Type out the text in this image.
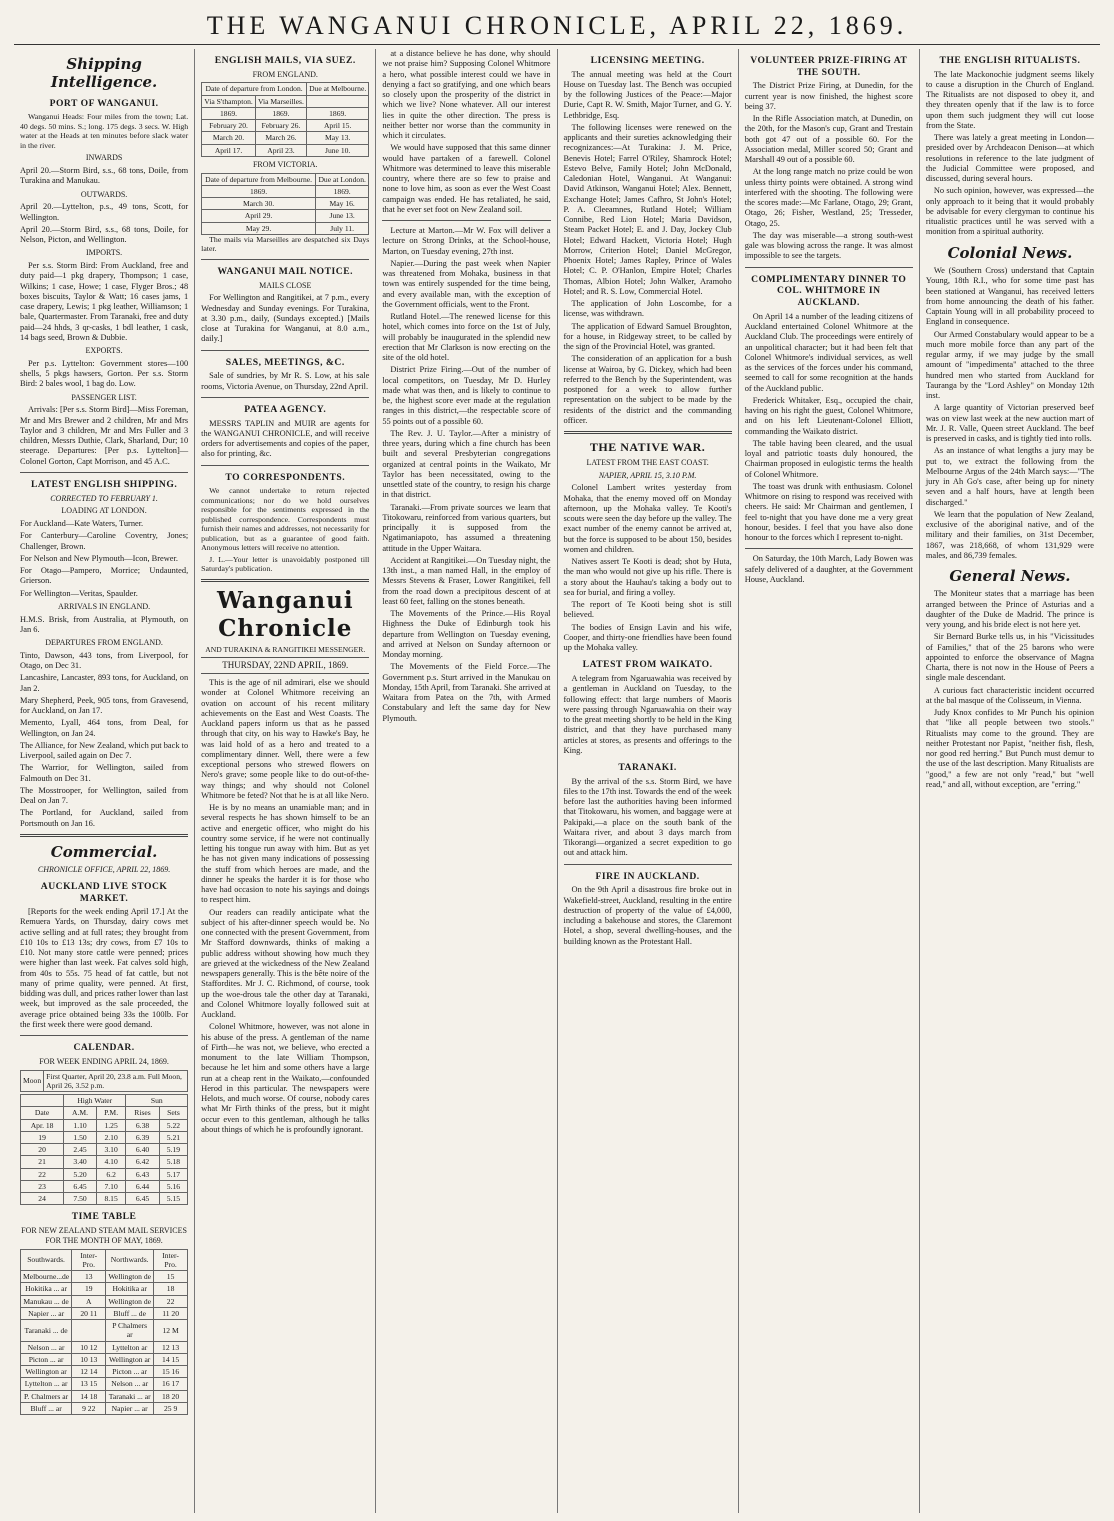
THE WANGANUI CHRONICLE, APRIL 22, 1869.
Shipping Intelligence.
PORT OF WANGANUI.

Wanganui Heads: Four miles from the town; Lat. 40 degs. 50 mins. S.; long. 175 degs. 3 secs. W. High water at the Heads at ten minutes before slack water in the river.

INWARDS
April 20.—Storm Bird, s.s., 68 tons, Doile, from Turakina and Manukau.
OUTWARDS.
April 20.—Lyttelton, p.s., 49 tons, Scott, for Wellington.
April 20.—Storm Bird, s.s., 68 tons, Doile, for Nelson, Picton, and Wellington.
IMPORTS.

Per s.s. Storm Bird: From Auckland, free and duty paid—1 pkg drapery, Thompson; 1 case, Wilkins; 1 case, Howe; 1 case, Flyger Bros.; 48 boxes biscuits, Taylor & Watt; 16 cases jams, 1 case drapery, Lewis; 1 pkg leather, Williamson; 1 bale, Quartermaster. From Taranaki, free and duty paid—24 hhds, 3 qr-casks, 1 bdl leather, 1 cask, 14 bags seed, Brown & Dubbie.

EXPORTS.

Per p.s. Lyttelton: Government stores—100 shells, 5 pkgs hawsers, Gorton. Per s.s. Storm Bird: 2 bales wool, 1 bag do. Low.

PASSENGER LIST.

Arrivals: [Per s.s. Storm Bird]—Miss Foreman, Mr and Mrs Brewer and 2 children, Mr and Mrs Taylor and 3 children, Mr and Mrs Fuller and 3 children, Messrs Duthie, Clark, Sharland, Dur; 10 steerage. Departures: [Per p.s. Lyttelton]—Colonel Gorton, Capt Morrison, and 45 A.C.

LATEST ENGLISH SHIPPING.
CORRECTED TO FEBRUARY 1.
LOADING AT LONDON.
For Auckland—Kate Waters, Turner.
For Canterbury—Caroline Coventry, Jones; Challenger, Brown.
For Nelson and New Plymouth—Icon, Brewer.
For Otago—Pampero, Morrice; Undaunted, Grierson.
For Wellington—Veritas, Spaulder.
ARRIVALS IN ENGLAND.
H.M.S. Brisk, from Australia, at Plymouth, on Jan 6.
DEPARTURES FROM ENGLAND.
Tinto, Dawson, 443 tons, from Liverpool, for Otago, on Dec 31.
Lancashire, Lancaster, 893 tons, for Auckland, on Jan 2.
Mary Shepherd, Peek, 905 tons, from Gravesend, for Auckland, on Jan 17.
Memento, Lyall, 464 tons, from Deal, for Wellington, on Jan 24.
The Alliance, for New Zealand, which put back to Liverpool, sailed again on Dec 7.
The Warrior, for Wellington, sailed from Falmouth on Dec 31.
The Mosstrooper, for Wellington, sailed from Deal on Jan 7.
The Portland, for Auckland, sailed from Portsmouth on Jan 16.
Commercial.
CHRONICLE OFFICE, APRIL 22, 1869.
AUCKLAND LIVE STOCK MARKET.

[Reports for the week ending April 17.] At the Remuera Yards, on Thursday, dairy cows met active selling and at full rates; they brought from £10 10s to £13 13s; dry cows, from £7 10s to £10. Not many store cattle were penned; prices were higher than last week. Fat calves sold high, from 40s to 55s. 75 head of fat cattle, but not many of prime quality, were penned. At first, bidding was dull, and prices rather lower than last week, but improved as the sale proceeded, the average price obtained being 33s the 100lb. For the first week there were good demand.

CALENDAR.
FOR WEEK ENDING APRIL 24, 1869.
Moon	First Quarter, April 20, 23.8 a.m. Full Moon, April 26, 3.52 p.m.
	High Water		Sun	
Date	A.M.	P.M.	Rises	Sets
Apr. 18	1.10	1.25	6.38	5.22
19	1.50	2.10	6.39	5.21
20	2.45	3.10	6.40	5.19
21	3.40	4.10	6.42	5.18
22	5.20	6.2	6.43	5.17
23	6.45	7.10	6.44	5.16
24	7.50	8.15	6.45	5.15
TIME TABLE
FOR NEW ZEALAND STEAM MAIL SERVICES FOR THE MONTH OF MAY, 1869.
Southwards.	Inter-Pro.	Northwards.	Inter-Pro.
Melbourne...de	13	Wellington de	15
Hokitika ... ar	19	Hokitika ar	18
Manukau ... de	A	Wellington de	22
Napier ... ar	20 11	Bluff ... de	11 20
Taranaki ... de		P Chalmers ar	12 M
Nelson ... ar	10 12	Lyttelton ar	12 13
Picton ... ar	10 13	Wellington ar	14 15
Wellington ar	12 14	Picton ... ar	15 16
Lyttelton ... ar	13 15	Nelson ... ar	16 17
P. Chalmers ar	14 18	Taranaki ... ar	18 20
Bluff ... ar	9 22	Napier ... ar	25 9
ENGLISH MAILS, VIA SUEZ.
FROM ENGLAND.
Date of departure from London.		Due at Melbourne.
Via S'thampton.	Via Marseilles.	
1869.	1869.	1869.
February 20.	February 26.	April 15.
March 20.	March 26.	May 13.
April 17.	April 23.	June 10.
FROM VICTORIA.
Date of departure from Melbourne.	Due at London.
1869.	1869.
March 30.	May 16.
April 29.	June 13.
May 29.	July 11.

The mails via Marseilles are despatched six Days later.

WANGANUI MAIL NOTICE.
MAILS CLOSE

For Wellington and Rangitikei, at 7 p.m., every Wednesday and Sunday evenings. For Turakina, at 3.30 p.m., daily, (Sundays excepted.) [Mails close at Turakina for Wanganui, at 8.0 a.m., daily.]

SALES, MEETINGS, &C.

Sale of sundries, by Mr R. S. Low, at his sale rooms, Victoria Avenue, on Thursday, 22nd April.

PATEA AGENCY.

MESSRS TAPLIN and MUIR are agents for the WANGANUI CHRONICLE, and will receive orders for advertisements and copies of the paper, also for printing, &c.

TO CORRESPONDENTS.

We cannot undertake to return rejected communications; nor do we hold ourselves responsible for the sentiments expressed in the published correspondence. Correspondents must furnish their names and addresses, not necessarily for publication, but as a guarantee of good faith. Anonymous letters will receive no attention.

J. L.—Your letter is unavoidably postponed till Saturday's publication.

Wanganui Chronicle
AND TURAKINA & RANGITIKEI MESSENGER.
THURSDAY, 22ND APRIL, 1869.

This is the age of nil admirari, else we should wonder at Colonel Whitmore receiving an ovation on account of his recent military achievements on the East and West Coasts. The Auckland papers inform us that as he passed through that city, on his way to Hawke's Bay, he was laid hold of as a hero and treated to a complimentary dinner. Well, there were a few exceptional persons who strewed flowers on Nero's grave; some people like to do out-of-the-way things; and why should not Colonel Whitmore be feted? Not that he is at all like Nero.

He is by no means an unamiable man; and in several respects he has shown himself to be an active and energetic officer, who might do his country some service, if he were not continually letting his tongue run away with him. But as yet he has not given many indications of possessing the stuff from which heroes are made, and the dinner he speaks the harder it is for those who have had occasion to note his sayings and doings to respect him.

Our readers can readily anticipate what the subject of his after-dinner speech would be. No one connected with the present Government, from Mr Stafford downwards, thinks of making a public address without showing how much they are grieved at the wickedness of the New Zealand newspapers generally. This is the bête noire of the Staffordites. Mr J. C. Richmond, of course, took up the woe-drous tale the other day at Taranaki, and Colonel Whitmore loyally followed suit at Auckland.

Colonel Whitmore, however, was not alone in his abuse of the press. A gentleman of the name of Firth—he was not, we believe, who erected a monument to the late William Thompson, because he let him and some others have a large run at a cheap rent in the Waikato,—confounded Herod in this particular. The newspapers were Helots, and much worse. Of course, nobody cares what Mr Firth thinks of the press, but it might occur even to this gentleman, although he talks about things of which he is profoundly ignorant.

at a distance believe he has done, why should we not praise him? Supposing Colonel Whitmore a hero, what possible interest could we have in denying a fact so gratifying, and one which bears so closely upon the prosperity of the district in which we live? None whatever. All our interest lies in quite the other direction. The press is neither better nor worse than the community in which it circulates.

We would have supposed that this same dinner would have partaken of a farewell. Colonel Whitmore was determined to leave this miserable country, where there are so few to praise and none to love him, as soon as ever the West Coast campaign was ended. He has retaliated, he said, that he ever set foot on New Zealand soil.

Lecture at Marton.—Mr W. Fox will deliver a lecture on Strong Drinks, at the School-house, Marton, on Tuesday evening, 27th inst.

Napier.—During the past week when Napier was threatened from Mohaka, business in that town was entirely suspended for the time being, and every available man, with the exception of the Government officials, went to the Front.

Rutland Hotel.—The renewed license for this hotel, which comes into force on the 1st of July, will probably be inaugurated in the splendid new erection that Mr Clarkson is now erecting on the site of the old hotel.

District Prize Firing.—Out of the number of local competitors, on Tuesday, Mr D. Hurley made what was then, and is likely to continue to be, the highest score ever made at the regulation ranges in this district,—the respectable score of 55 points out of a possible 60.

The Rev. J. U. Taylor.—After a ministry of three years, during which a fine church has been built and several Presbyterian congregations organized at central points in the Waikato, Mr Taylor has been necessitated, owing to the unsettled state of the country, to resign his charge in that district.

Taranaki.—From private sources we learn that Titokowaru, reinforced from various quarters, but principally it is supposed from the Ngatimaniapoto, has assumed a threatening attitude in the Upper Waitara.

Accident at Rangitikei.—On Tuesday night, the 13th inst., a man named Hall, in the employ of Messrs Stevens & Fraser, Lower Rangitikei, fell from the road down a precipitous descent of at least 60 feet, falling on the stones beneath.

The Movements of the Prince.—His Royal Highness the Duke of Edinburgh took his departure from Wellington on Tuesday evening, and arrived at Nelson on Sunday afternoon or Monday morning.

The Movements of the Field Force.—The Government p.s. Sturt arrived in the Manukau on Monday, 15th April, from Taranaki. She arrived at Waitara from Patea on the 7th, with Armed Constabulary and left the same day for New Plymouth.

LICENSING MEETING.

The annual meeting was held at the Court House on Tuesday last. The Bench was occupied by the following Justices of the Peace:—Major Durie, Capt R. W. Smith, Major Turner, and G. Y. Lethbridge, Esq.

The following licenses were renewed on the applicants and their sureties acknowledging their recognizances:—At Turakina: J. M. Price, Benevis Hotel; Farrel O'Riley, Shamrock Hotel; Estevo Belve, Family Hotel; John McDonald, Caledonian Hotel, Wanganui. At Wanganui: David Atkinson, Wanganui Hotel; Alex. Bennett, Exchange Hotel; James Cafhro, St John's Hotel; P. A. Cleeamnes, Rutland Hotel; William Connibe, Red Lion Hotel; Maria Davidson, Steam Packet Hotel; E. and J. Day, Jockey Club Hotel; Edward Hackett, Victoria Hotel; Hugh Morrow, Criterion Hotel; Daniel McGregor, Phoenix Hotel; James Rapley, Prince of Wales Hotel; C. P. O'Hanlon, Empire Hotel; Charles Thomas, Albion Hotel; John Walker, Aramoho Hotel; and R. S. Low, Commercial Hotel.

The application of John Loscombe, for a license, was withdrawn.

The application of Edward Samuel Broughton, for a house, in Ridgeway street, to be called by the sign of the Provincial Hotel, was granted.

The consideration of an application for a bush license at Wairoa, by G. Dickey, which had been referred to the Bench by the Superintendent, was postponed for a week to allow further representation on the subject to be made by the residents of the district and the commanding officer.

THE NATIVE WAR.
LATEST FROM THE EAST COAST.
NAPIER, APRIL 15, 3.10 P.M.

Colonel Lambert writes yesterday from Mohaka, that the enemy moved off on Monday afternoon, up the Mohaka valley. Te Kooti's scouts were seen the day before up the valley. The exact number of the enemy cannot be arrived at, but the force is supposed to be about 150, besides women and children.

Natives assert Te Kooti is dead; shot by Huta, the man who would not give up his rifle. There is a story about the Hauhau's taking a body out to sea for burial, and firing a volley.

The report of Te Kooti being shot is still believed.

The bodies of Ensign Lavin and his wife, Cooper, and thirty-one friendlies have been found up the Mohaka valley.

LATEST FROM WAIKATO.

A telegram from Ngaruawahia was received by a gentleman in Auckland on Tuesday, to the following effect: that large numbers of Maoris were passing through Ngaruawahia on their way to the great meeting shortly to be held in the King district, and that they have purchased many articles at stores, as presents and offerings to the King.

TARANAKI.

By the arrival of the s.s. Storm Bird, we have files to the 17th inst. Towards the end of the week before last the authorities having been informed that Titokowaru, his women, and baggage were at Pakipaki,—a place on the south bank of the Waitara river, and about 3 days march from Tikorangi—organized a secret expedition to go out and attack him.

FIRE IN AUCKLAND.

On the 9th April a disastrous fire broke out in Wakefield-street, Auckland, resulting in the entire destruction of property of the value of £4,000, including a bakehouse and stores, the Claremont Hotel, a shop, several dwelling-houses, and the building known as the Protestant Hall.

VOLUNTEER PRIZE-FIRING AT THE SOUTH.

The District Prize Firing, at Dunedin, for the current year is now finished, the highest score being 37.

In the Rifle Association match, at Dunedin, on the 20th, for the Mason's cup, Grant and Trestain both got 47 out of a possible 60. For the Association medal, Miller scored 50; Grant and Marshall 49 out of a possible 60.

At the long range match no prize could be won unless thirty points were obtained. A strong wind interfered with the shooting. The following were the scores made:—Mc Farlane, Otago, 29; Grant, Otago, 26; Fisher, Westland, 25; Tresseder, Otago, 25.

The day was miserable—a strong south-west gale was blowing across the range. It was almost impossible to see the targets.

COMPLIMENTARY DINNER TO COL. WHITMORE IN AUCKLAND.

On April 14 a number of the leading citizens of Auckland entertained Colonel Whitmore at the Auckland Club. The proceedings were entirely of an unpolitical character; but it had been felt that Colonel Whitmore's individual services, as well as the services of the forces under his command, seemed to call for some recognition at the hands of the Auckland public.

Frederick Whitaker, Esq., occupied the chair, having on his right the guest, Colonel Whitmore, and on his left Lieutenant-Colonel Elliott, commanding the Waikato district.

The table having been cleared, and the usual loyal and patriotic toasts duly honoured, the Chairman proposed in eulogistic terms the health of Colonel Whitmore.

The toast was drunk with enthusiasm. Colonel Whitmore on rising to respond was received with cheers. He said: Mr Chairman and gentlemen, I feel to-night that you have done me a very great honour, besides. I feel that you have also done honour to the forces which I represent to-night.

On Saturday, the 10th March, Lady Bowen was safely delivered of a daughter, at the Government House, Auckland.

THE ENGLISH RITUALISTS.

The late Mackonochie judgment seems likely to cause a disruption in the Church of England. The Ritualists are not disposed to obey it, and they threaten openly that if the law is to force upon them such judgment they will cut loose from the State.

There was lately a great meeting in London—presided over by Archdeacon Denison—at which resolutions in reference to the late judgment of the Judicial Committee were proposed, and discussed, during several hours.

No such opinion, however, was expressed—the only approach to it being that it would probably be advisable for every clergyman to continue his ritualistic practices until he was served with a monition from a spiritual authority.

Colonial News.

We (Southern Cross) understand that Captain Young, 18th R.I., who for some time past has been stationed at Wanganui, has received letters from home announcing the death of his father. Captain Young will in all probability proceed to England in consequence.

Our Armed Constabulary would appear to be a much more mobile force than any part of the regular army, if we may judge by the small amount of "impedimenta" attached to the three hundred men who started from Auckland for Tauranga by the "Lord Ashley" on Monday 12th inst.

A large quantity of Victorian preserved beef was on view last week at the new auction mart of Mr. J. R. Valle, Queen street Auckland. The beef is preserved in casks, and is tightly tied into rolls.

As an instance of what lengths a jury may be put to, we extract the following from the Melbourne Argus of the 24th March says:—"The jury in Ah Go's case, after being up for ninety seven and a half hours, have at length been discharged."

We learn that the population of New Zealand, exclusive of the aboriginal native, and of the military and their families, on 31st December, 1867, was 218,668, of whom 131,929 were males, and 86,739 females.

General News.

The Moniteur states that a marriage has been arranged between the Prince of Asturias and a daughter of the Duke de Madrid. The prince is very young, and his bride elect is not here yet.

Sir Bernard Burke tells us, in his "Vicissitudes of Families," that of the 25 barons who were appointed to enforce the observance of Magna Charta, there is not now in the House of Peers a single male descendant.

A curious fact characteristic incident occurred at the bal masque of the Colisseum, in Vienna.

Judy Knox confides to Mr Punch his opinion that "like all people between two stools." Ritualists may come to the ground. They are neither Protestant nor Papist, "neither fish, flesh, nor good red herring." But Punch must demur to the use of the last description. Many Ritualists are "good," a few are not only "read," but "well read," and all, without exception, are "erring."
